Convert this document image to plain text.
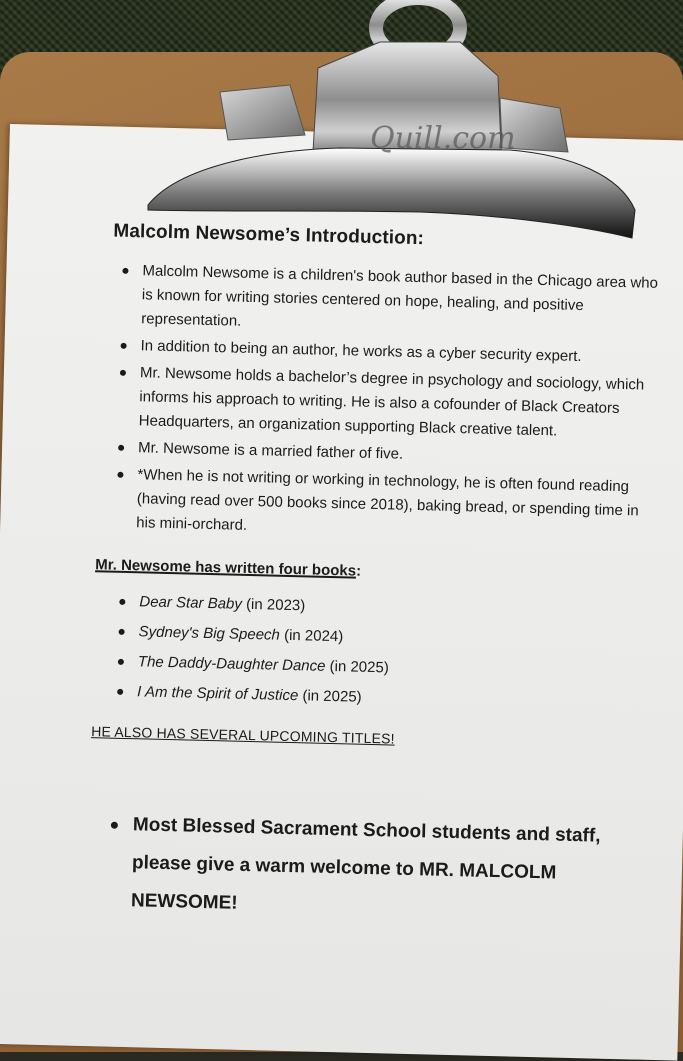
Malcolm Newsome’s Introduction:
Malcolm Newsome is a children's book author based in the Chicago area who is known for writing stories centered on hope, healing, and positive representation.
In addition to being an author, he works as a cyber security expert.
Mr. Newsome holds a bachelor’s degree in psychology and sociology, which informs his approach to writing. He is also a cofounder of Black Creators Headquarters, an organization supporting Black creative talent.
Mr. Newsome is a married father of five.
*When he is not writing or working in technology, he is often found reading (having read over 500 books since 2018), baking bread, or spending time in his mini-orchard.
Mr. Newsome has written four books:
Dear Star Baby (in 2023)
Sydney's Big Speech (in 2024)
The Daddy-Daughter Dance (in 2025)
I Am the Spirit of Justice (in 2025)
HE ALSO HAS SEVERAL UPCOMING TITLES!
Most Blessed Sacrament School students and staff, please give a warm welcome to MR. MALCOLM NEWSOME!
Quill.com
